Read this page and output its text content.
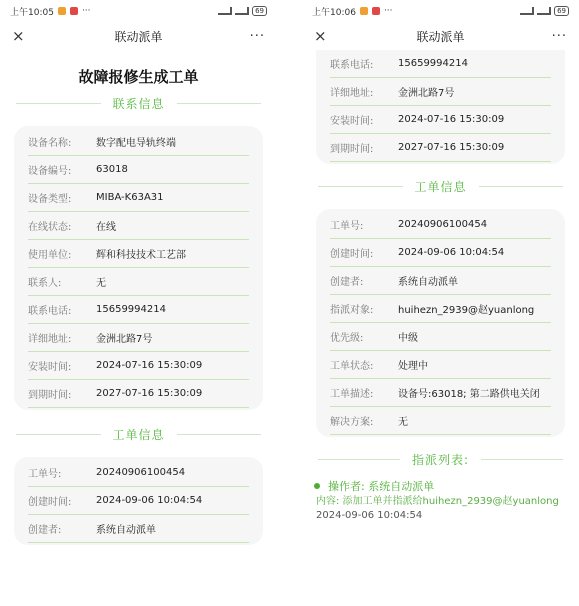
上午10:05	···	69
×	联动派单	···
故障报修生成工单
联系信息
设备名称:	数字配电导轨终端
设备编号:	63018
设备类型:	MIBA-K63A31
在线状态:	在线
使用单位:	辉和科技技术工艺部
联系人:	无
联系电话:	15659994214
详细地址:	金洲北路7号
安装时间:	2024-07-16 15:30:09
到期时间:	2027-07-16 15:30:09
工单信息
工单号:	20240906100454
创建时间:	2024-09-06 10:04:54
创建者:	系统自动派单
上午10:06	···	69
×	联动派单	···
联系电话:	15659994214
详细地址:	金洲北路7号
安装时间:	2024-07-16 15:30:09
到期时间:	2027-07-16 15:30:09
工单信息
工单号:	20240906100454
创建时间:	2024-09-06 10:04:54
创建者:	系统自动派单
指派对象:	huihezn_2939@赵yuanlong
优先级:	中级
工单状态:	处理中
工单描述:	设备号:63018; 第二路供电关闭
解决方案:	无
指派列表:
操作者: 系统自动派单
内容: 添加工单并指派给huihezn_2939@赵yuanlong
2024-09-06 10:04:54
